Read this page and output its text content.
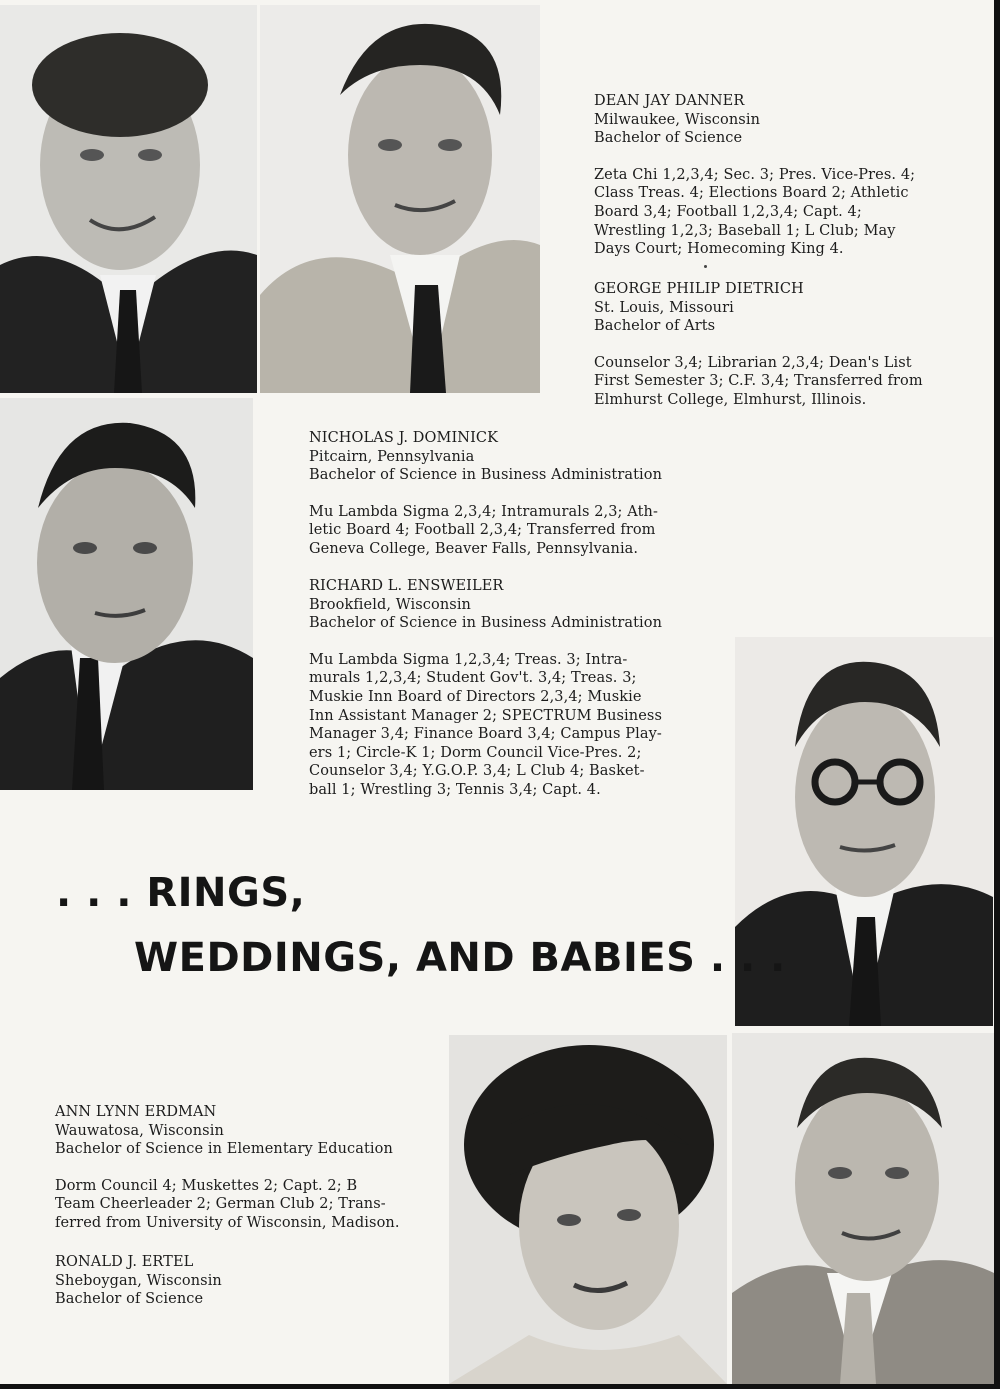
DEAN JAY DANNER
Milwaukee, Wisconsin
Bachelor of Science
Zeta Chi 1,2,3,4; Sec. 3; Pres. Vice-Pres. 4;
Class Treas. 4; Elections Board 2; Athletic
Board 3,4; Football 1,2,3,4; Capt. 4;
Wrestling 1,2,3; Baseball 1; L Club; May
Days Court; Homecoming King 4.
GEORGE PHILIP DIETRICH
St. Louis, Missouri
Bachelor of Arts
Counselor 3,4; Librarian 2,3,4; Dean's List
First Semester 3; C.F. 3,4; Transferred from
Elmhurst College, Elmhurst, Illinois.
NICHOLAS J. DOMINICK
Pitcairn, Pennsylvania
Bachelor of Science in Business Administration
Mu Lambda Sigma 2,3,4; Intramurals 2,3; Ath-
letic Board 4; Football 2,3,4; Transferred from
Geneva College, Beaver Falls, Pennsylvania.
RICHARD L. ENSWEILER
Brookfield, Wisconsin
Bachelor of Science in Business Administration
Mu Lambda Sigma 1,2,3,4; Treas. 3; Intra-
murals 1,2,3,4; Student Gov't. 3,4; Treas. 3;
Muskie Inn Board of Directors 2,3,4; Muskie
Inn Assistant Manager 2; SPECTRUM Business
Manager 3,4; Finance Board 3,4; Campus Play-
ers 1; Circle-K 1; Dorm Council Vice-Pres. 2;
Counselor 3,4; Y.G.O.P. 3,4; L Club 4; Basket-
ball 1; Wrestling 3; Tennis 3,4; Capt. 4.
. . . RINGS,
WEDDINGS, AND BABIES . . .
ANN LYNN ERDMAN
Wauwatosa, Wisconsin
Bachelor of Science in Elementary Education
Dorm Council 4; Muskettes 2; Capt. 2; B
Team Cheerleader 2; German Club 2; Trans-
ferred from University of Wisconsin, Madison.
RONALD J. ERTEL
Sheboygan, Wisconsin
Bachelor of Science
